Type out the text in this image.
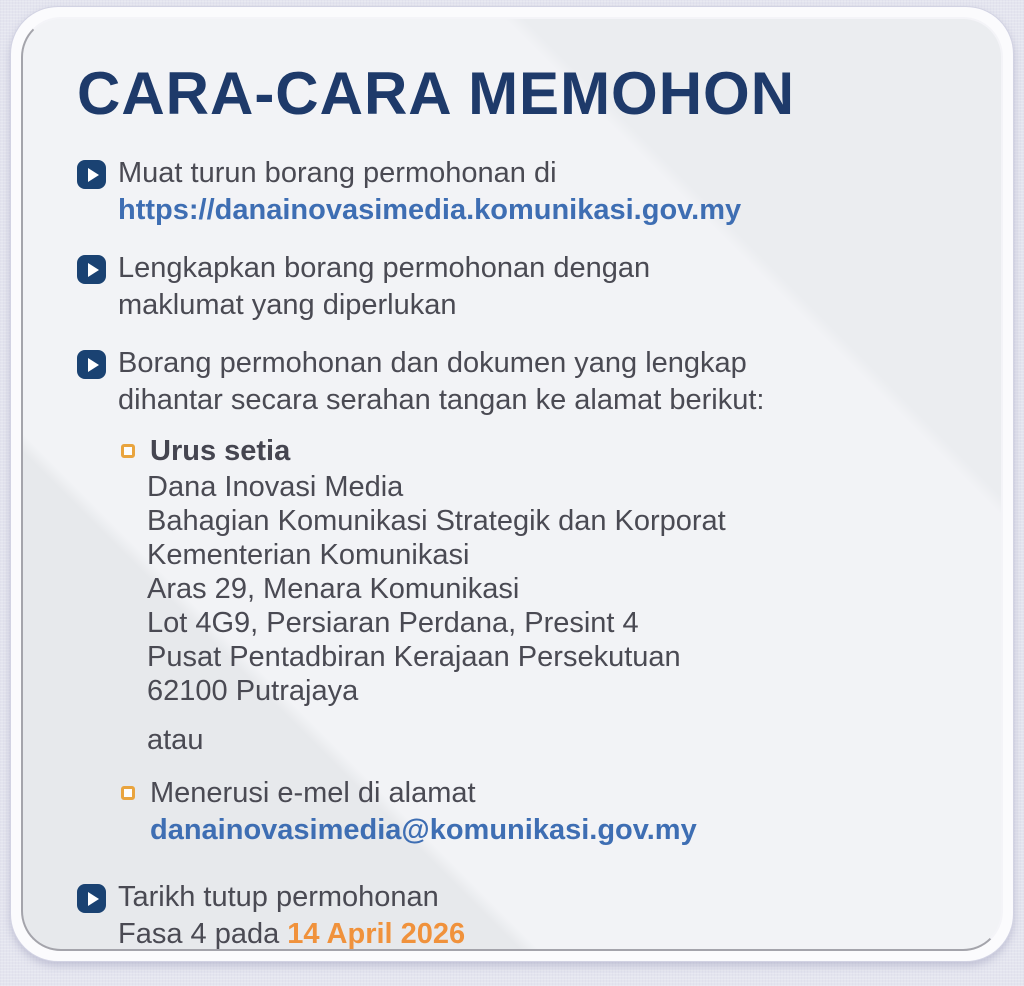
CARA-CARA MEMOHON
Muat turun borang permohonan di
https://danainovasimedia.komunikasi.gov.my
Lengkapkan borang permohonan dengan
maklumat yang diperlukan
Borang permohonan dan dokumen yang lengkap
dihantar secara serahan tangan ke alamat berikut:
Urus setia
Dana Inovasi Media
Bahagian Komunikasi Strategik dan Korporat
Kementerian Komunikasi
Aras 29, Menara Komunikasi
Lot 4G9, Persiaran Perdana, Presint 4
Pusat Pentadbiran Kerajaan Persekutuan
62100 Putrajaya
atau
Menerusi e-mel di alamat
danainovasimedia@komunikasi.gov.my
Tarikh tutup permohonan
Fasa 4 pada 14 April 2026
